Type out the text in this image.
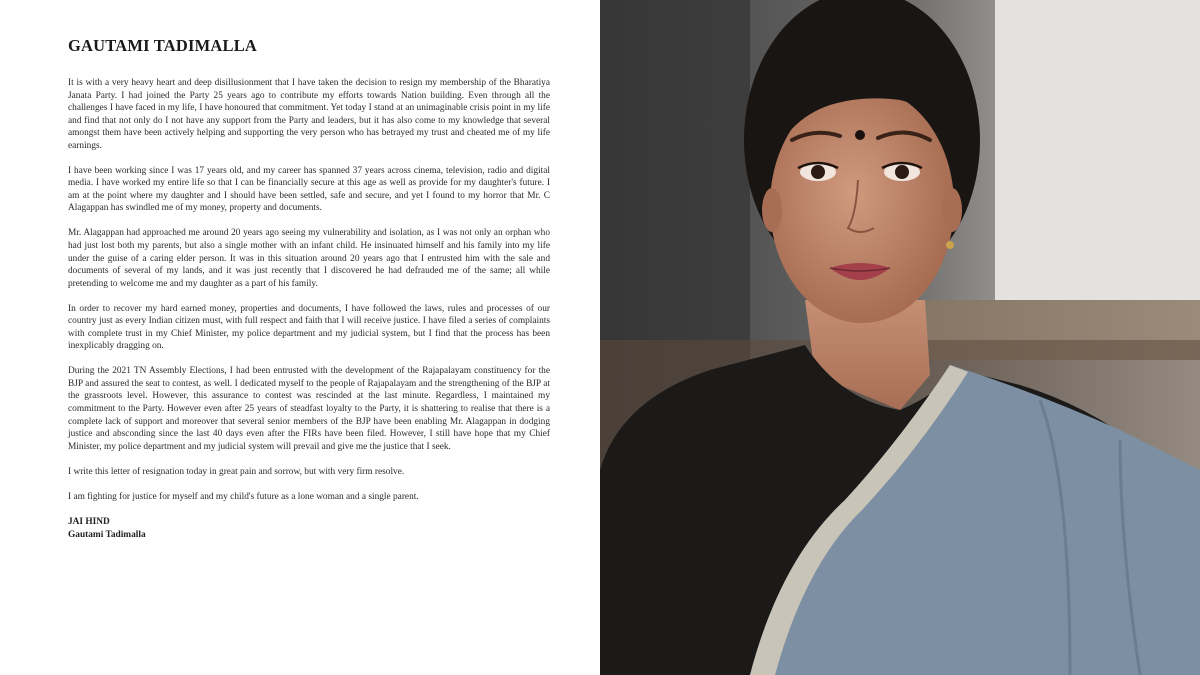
GAUTAMI TADIMALLA

It is with a very heavy heart and deep disillusionment that I have taken the decision to resign my membership of the Bharatiya Janata Party. I had joined the Party 25 years ago to contribute my efforts towards Nation building. Even through all the challenges I have faced in my life, I have honoured that commitment. Yet today I stand at an unimaginable crisis point in my life and find that not only do I not have any support from the Party and leaders, but it has also come to my knowledge that several amongst them have been actively helping and supporting the very person who has betrayed my trust and cheated me of my life earnings.

I have been working since I was 17 years old, and my career has spanned 37 years across cinema, television, radio and digital media. I have worked my entire life so that I can be financially secure at this age as well as provide for my daughter's future. I am at the point where my daughter and I should have been settled, safe and secure, and yet I found to my horror that Mr. C Alagappan has swindled me of my money, property and documents.

Mr. Alagappan had approached me around 20 years ago seeing my vulnerability and isolation, as I was not only an orphan who had just lost both my parents, but also a single mother with an infant child. He insinuated himself and his family into my life under the guise of a caring elder person. It was in this situation around 20 years ago that I entrusted him with the sale and documents of several of my lands, and it was just recently that I discovered he had defrauded me of the same; all while pretending to welcome me and my daughter as a part of his family.

In order to recover my hard earned money, properties and documents, I have followed the laws, rules and processes of our country just as every Indian citizen must, with full respect and faith that I will receive justice. I have filed a series of complaints with complete trust in my Chief Minister, my police department and my judicial system, but I find that the process has been inexplicably dragging on.

During the 2021 TN Assembly Elections, I had been entrusted with the development of the Rajapalayam constituency for the BJP and assured the seat to contest, as well. I dedicated myself to the people of Rajapalayam and the strengthening of the BJP at the grassroots level. However, this assurance to contest was rescinded at the last minute. Regardless, I maintained my commitment to the Party. However even after 25 years of steadfast loyalty to the Party, it is shattering to realise that there is a complete lack of support and moreover that several senior members of the BJP have been enabling Mr. Alagappan in dodging justice and absconding since the last 40 days even after the FIRs have been filed. However, I still have hope that my Chief Minister, my police department and my judicial system will prevail and give me the justice that I seek.

I write this letter of resignation today in great pain and sorrow, but with very firm resolve.

I am fighting for justice for myself and my child's future as a lone woman and a single parent.

JAI HIND
Gautami Tadimalla
